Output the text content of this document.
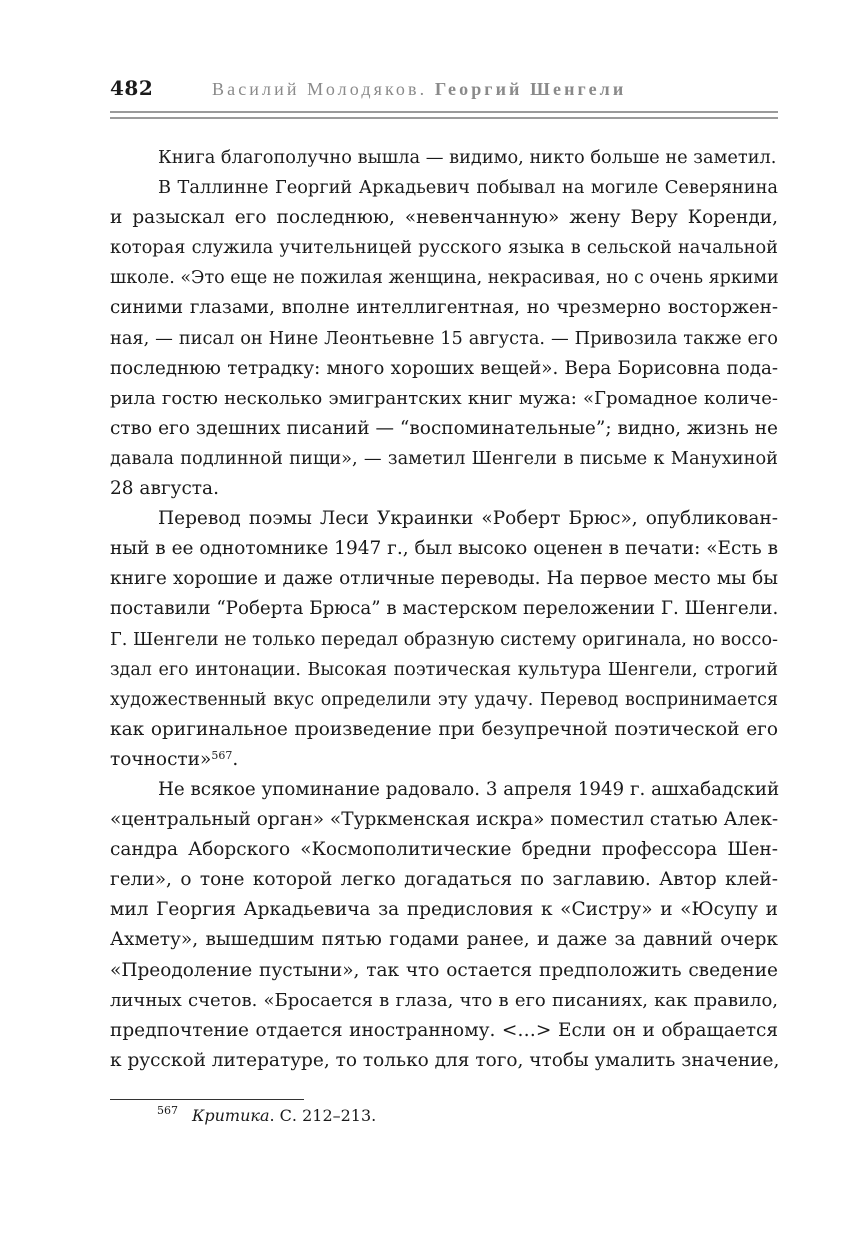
482	Василий Молодяков. Георгий Шенгели
Книга благополучно вышла — видимо, никто больше не заметил.
В Таллинне Георгий Аркадьевич побывал на могиле Северянина
и разыскал его последнюю, «невенчанную» жену Веру Коренди,
которая служила учительницей русского языка в сельской начальной
школе. «Это еще не пожилая женщина, некрасивая, но с очень яркими
синими глазами, вполне интеллигентная, но чрезмерно восторжен-
ная, — писал он Нине Леонтьевне 15 августа. — Привозила также его
последнюю тетрадку: много хороших вещей». Вера Борисовна пода-
рила гостю несколько эмигрантских книг мужа: «Громадное количе-
ство его здешних писаний — “воспоминательные”; видно, жизнь не
давала подлинной пищи», — заметил Шенгели в письме к Манухиной
28 августа.
Перевод поэмы Леси Украинки «Роберт Брюс», опубликован-
ный в ее однотомнике 1947 г., был высоко оценен в печати: «Есть в
книге хорошие и даже отличные переводы. На первое место мы бы
поставили “Роберта Брюса” в мастерском переложении Г. Шенгели.
Г. Шенгели не только передал образную систему оригинала, но воссо-
здал его интонации. Высокая поэтическая культура Шенгели, строгий
художественный вкус определили эту удачу. Перевод воспринимается
как оригинальное произведение при безупречной поэтической его
точности»$^{567}$.
Не всякое упоминание радовало. 3 апреля 1949 г. ашхабадский
«центральный орган» «Туркменская искра» поместил статью Алек-
сандра Аборского «Космополитические бредни профессора Шен-
гели», о тоне которой легко догадаться по заглавию. Автор клей-
мил Георгия Аркадьевича за предисловия к «Систру» и «Юсупу и
Ахмету», вышедшим пятью годами ранее, и даже за давний очерк
«Преодоление пустыни», так что остается предположить сведение
личных счетов. «Бросается в глаза, что в его писаниях, как правило,
предпочтение отдается иностранному. <…> Если он и обращается
к русской литературе, то только для того, чтобы умалить значение,
$^{567}$ Критика. С. 212–213.
